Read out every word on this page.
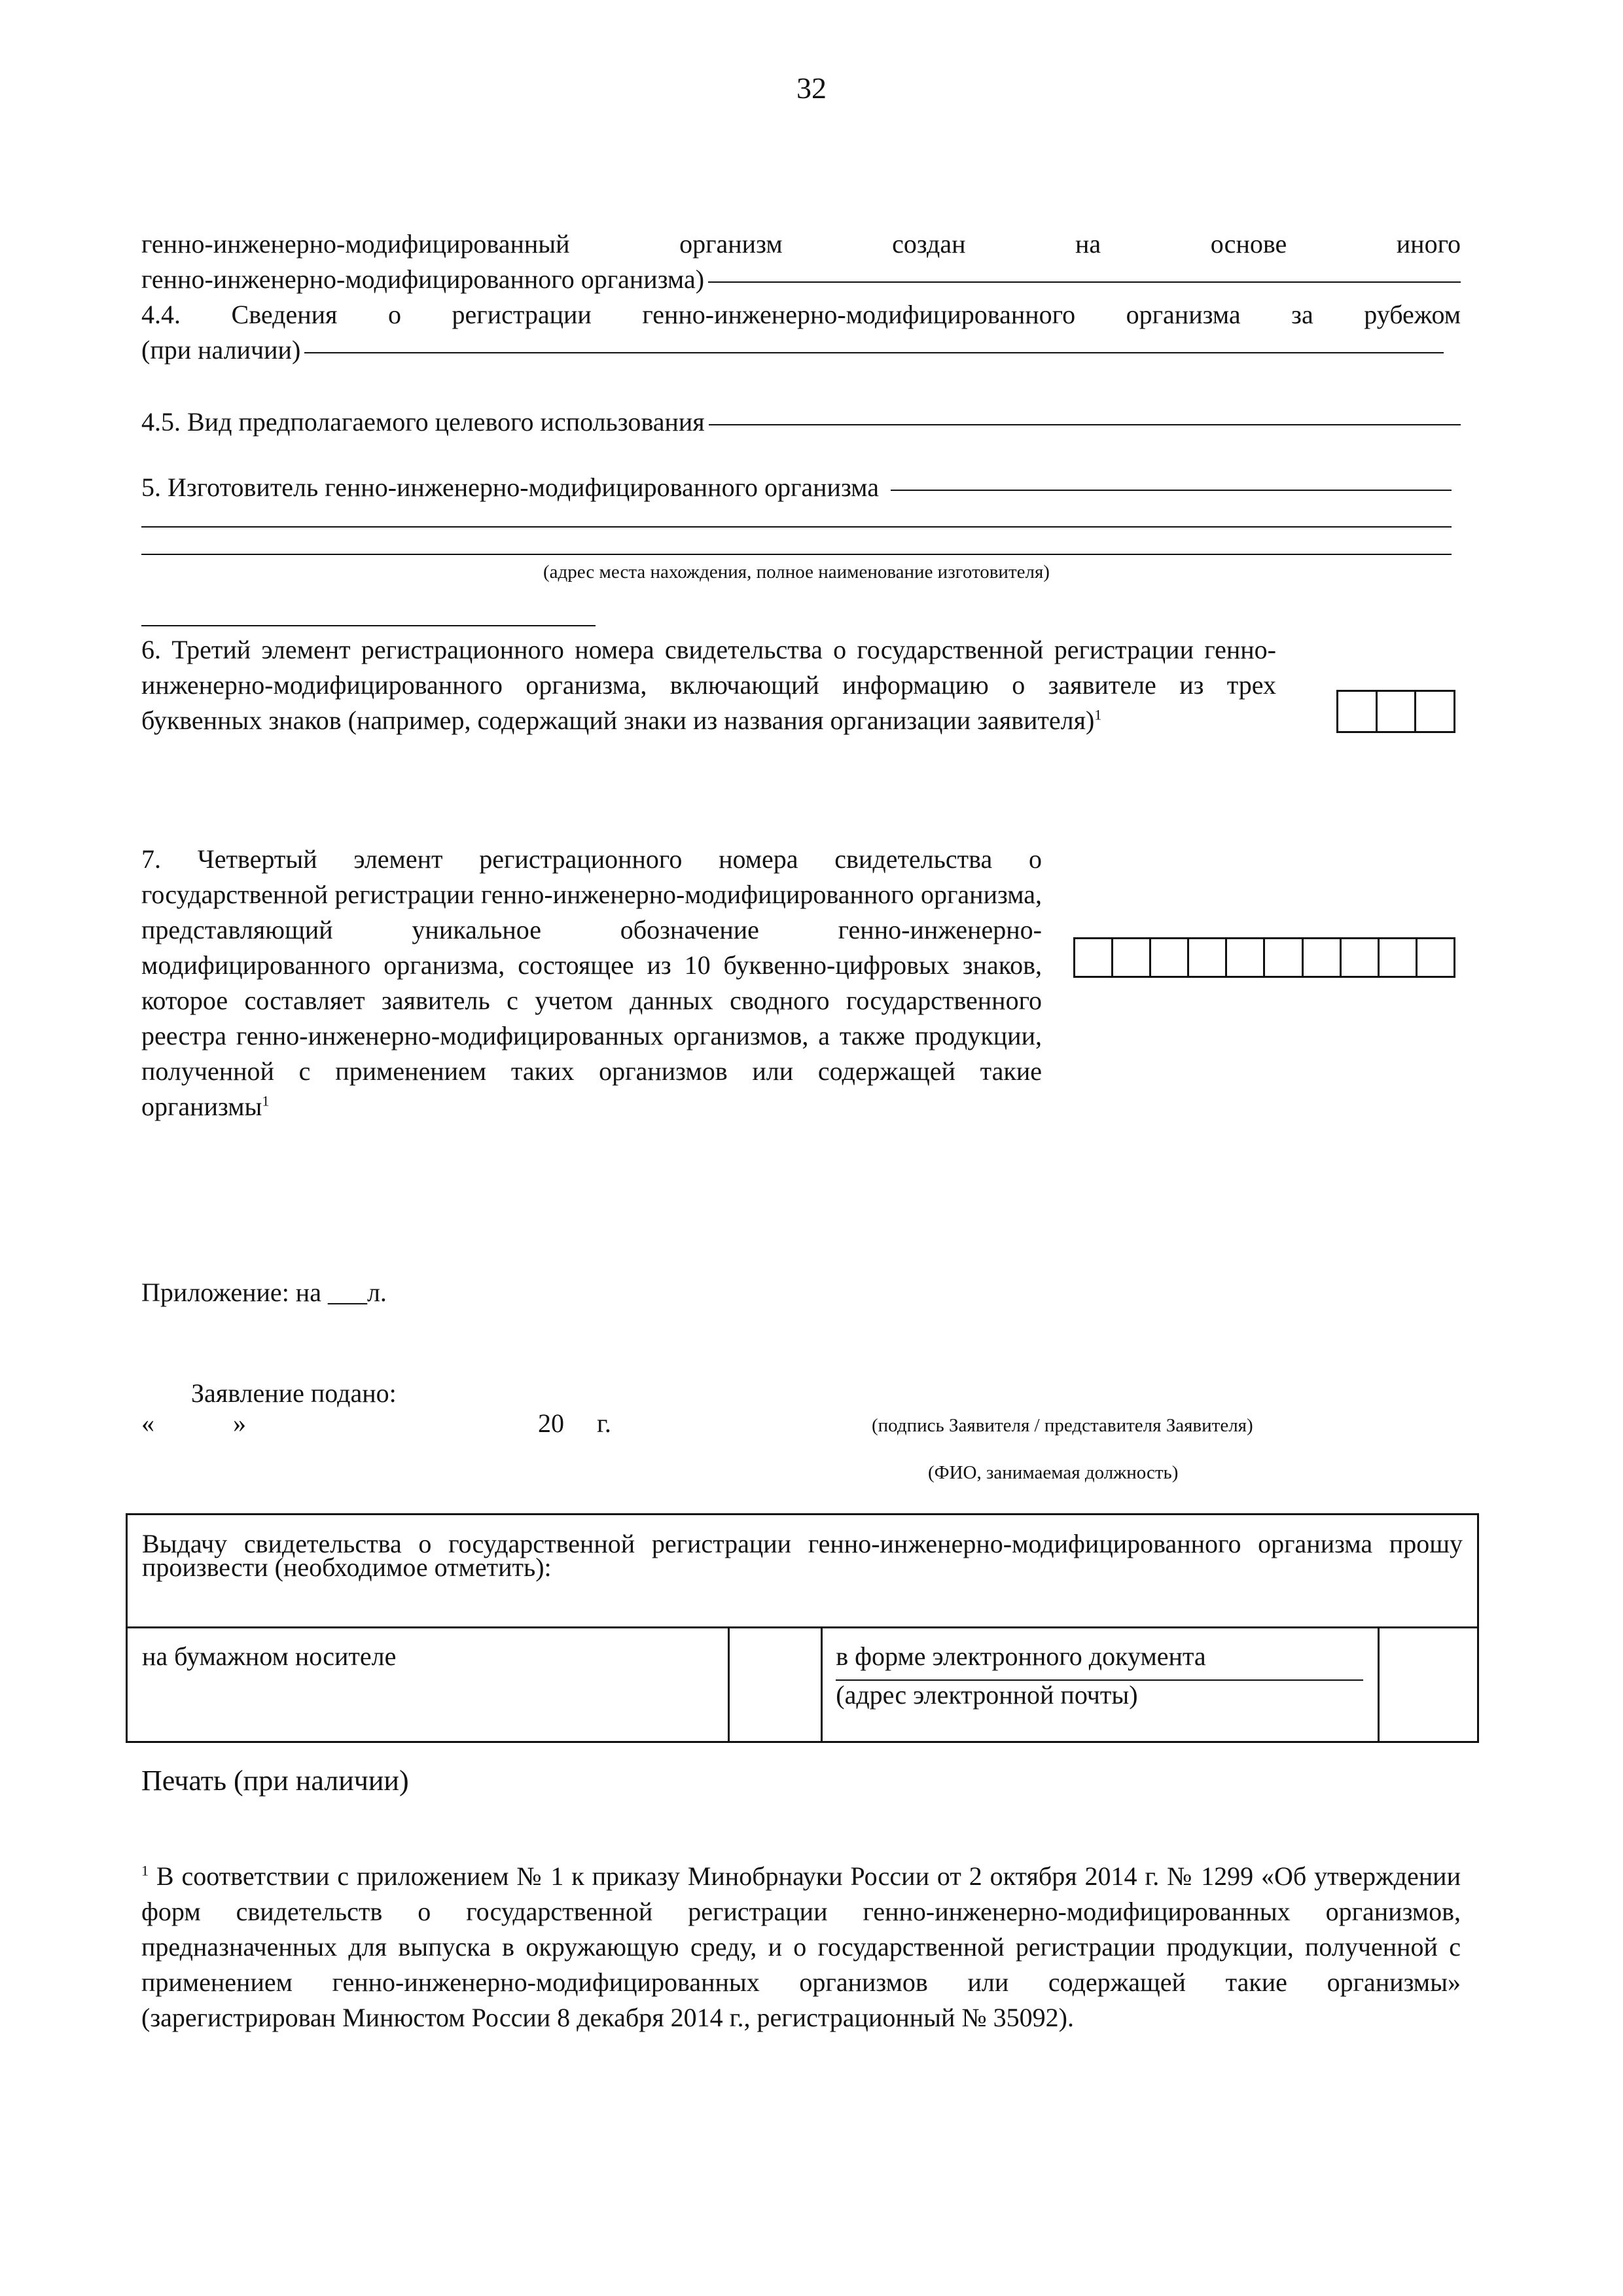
32
генно-инженерно-модифицированный организм создан на основе иного
генно-инженерно-модифицированного организма)
4.4. Сведения о регистрации генно-инженерно-модифицированного организма за рубежом
(при наличии)
4.5. Вид предполагаемого целевого использования
5. Изготовитель генно-инженерно-модифицированного организма
(адрес места нахождения, полное наименование изготовителя)
6. Третий элемент регистрационного номера свидетельства о государственной регистрации генно-инженерно-модифицированного организма, включающий информацию о заявителе из трех буквенных знаков (например, содержащий знаки из названия организации заявителя)$^1$
7. Четвертый элемент регистрационного номера свидетельства о государственной регистрации генно-инженерно-модифицированного организма, представляющий уникальное обозначение генно-инженерно-модифицированного организма, состоящее из 10 буквенно-цифровых знаков, которое составляет заявитель с учетом данных сводного государственного реестра генно-инженерно-модифицированных организмов, а также продукции, полученной с применением таких организмов или содержащей такие организмы$^1$
Приложение: на ___л.
Заявление подано:
«	»	20 г.	(подпись Заявителя / представителя Заявителя)
(ФИО, занимаемая должность)
Выдачу свидетельства о государственной регистрации генно-инженерно-модифицированного организма прошу произвести (необходимое отметить):

на бумажном носителе		в форме электронного документа
(адрес электронной почты)

Печать (при наличии)
$^1$ В соответствии с приложением № 1 к приказу Минобрнауки России от 2 октября 2014 г. № 1299 «Об утверждении форм свидетельств о государственной регистрации генно-инженерно-модифицированных организмов, предназначенных для выпуска в окружающую среду, и о государственной регистрации продукции, полученной с применением генно-инженерно-модифицированных организмов или содержащей такие организмы» (зарегистрирован Минюстом России 8 декабря 2014 г., регистрационный № 35092).
